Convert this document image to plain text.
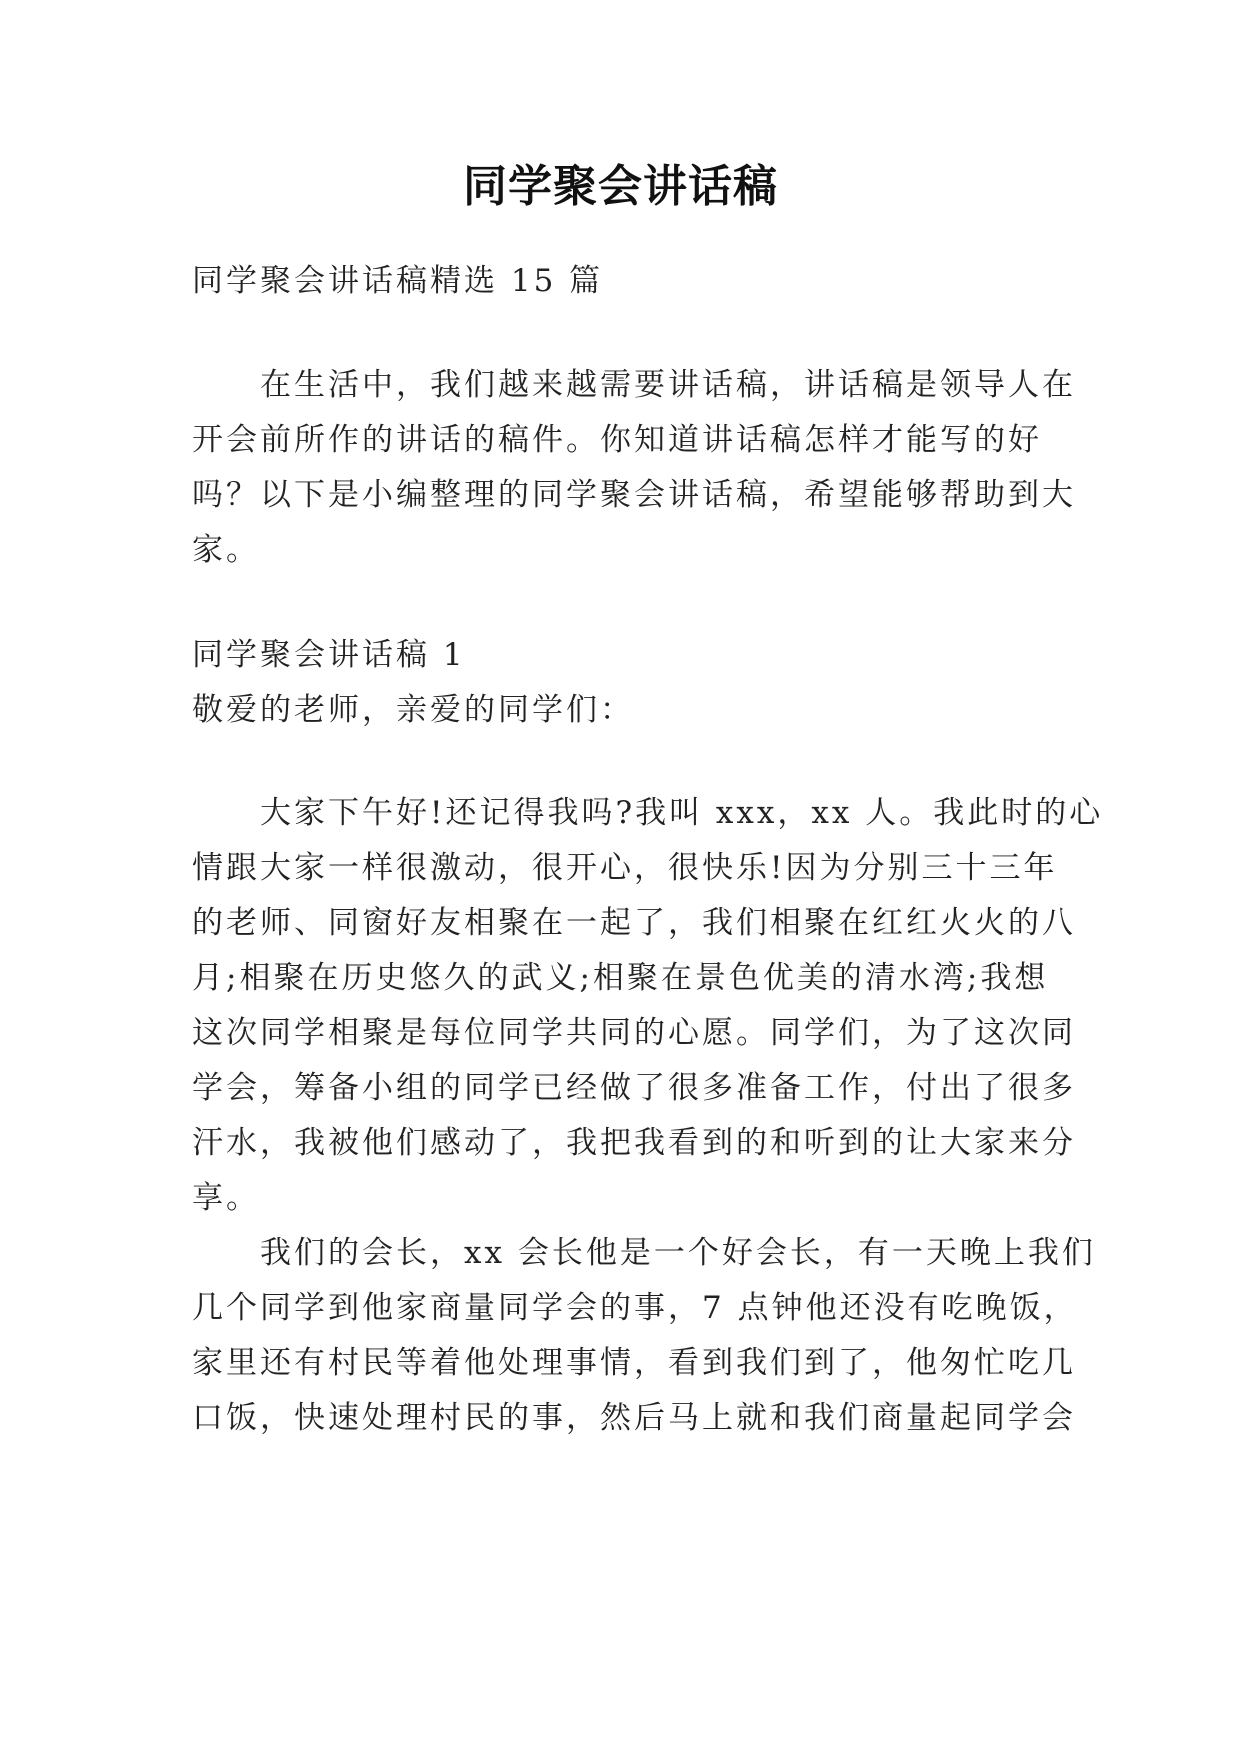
同学聚会讲话稿

同学聚会讲话稿精选 15 篇

　　在生活中，我们越来越需要讲话稿，讲话稿是领导人在

开会前所作的讲话的稿件。你知道讲话稿怎样才能写的好

吗？以下是小编整理的同学聚会讲话稿，希望能够帮助到大

家。

同学聚会讲话稿 1

敬爱的老师，亲爱的同学们：

　　大家下午好!还记得我吗?我叫 xxx，xx 人。我此时的心

情跟大家一样很激动，很开心，很快乐!因为分别三十三年

的老师、同窗好友相聚在一起了，我们相聚在红红火火的八

月;相聚在历史悠久的武义;相聚在景色优美的清水湾;我想

这次同学相聚是每位同学共同的心愿。同学们，为了这次同

学会，筹备小组的同学已经做了很多准备工作，付出了很多

汗水，我被他们感动了，我把我看到的和听到的让大家来分

享。

　　我们的会长，xx 会长他是一个好会长，有一天晚上我们

几个同学到他家商量同学会的事，7 点钟他还没有吃晚饭，

家里还有村民等着他处理事情，看到我们到了，他匆忙吃几

口饭，快速处理村民的事，然后马上就和我们商量起同学会
